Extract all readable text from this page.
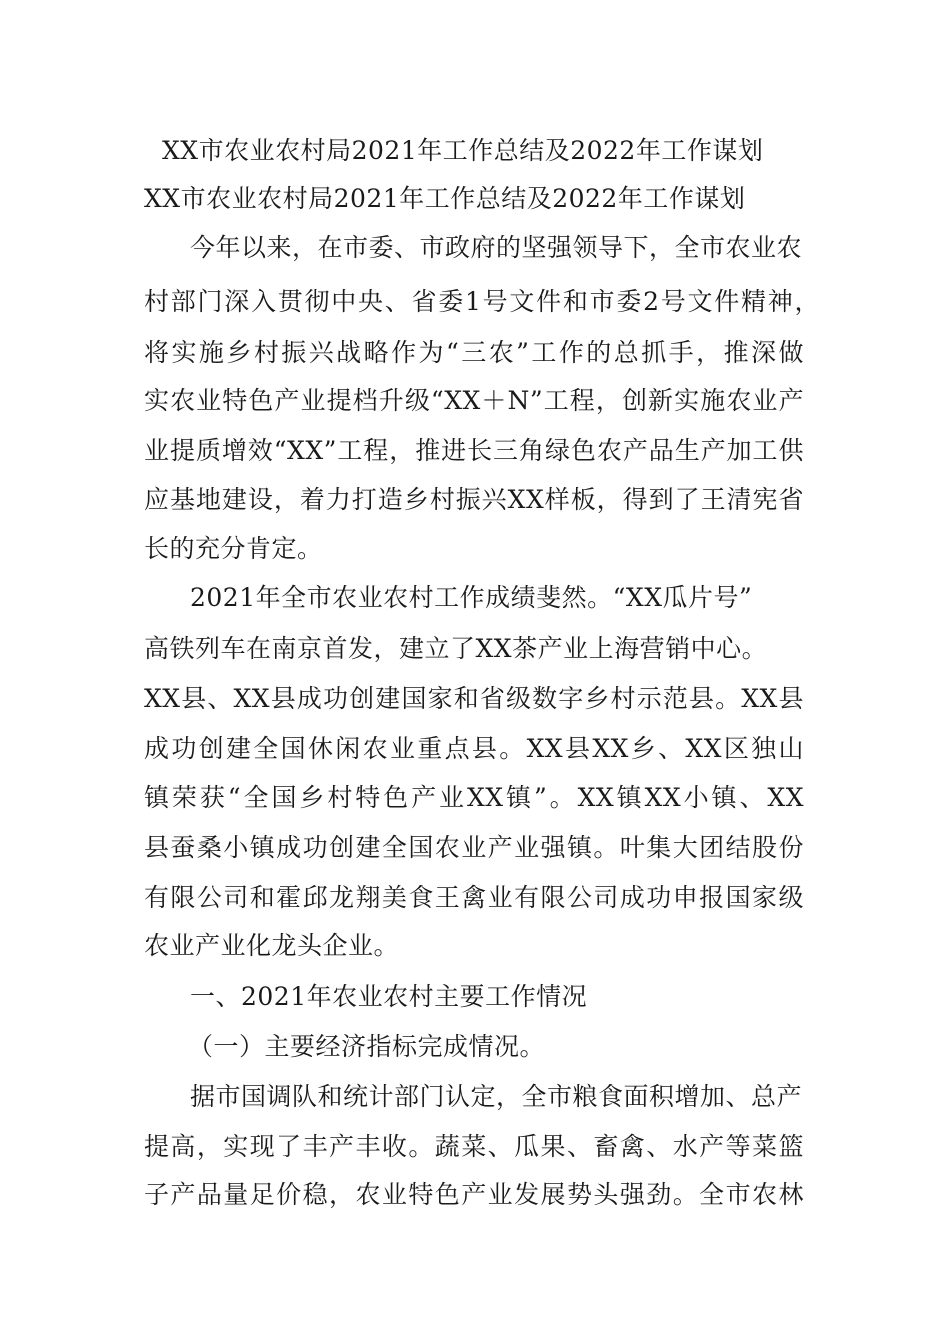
XX市农业农村局2021年工作总结及2022年工作谋划
XX市农业农村局2021年工作总结及2022年工作谋划
今年以来，在市委、市政府的坚强领导下，全市农业农
村部门深入贯彻中央、省委1号文件和市委2号文件精神，
将实施乡村振兴战略作为“三农”工作的总抓手，推深做
实农业特色产业提档升级“XX＋N”工程，创新实施农业产
业提质增效“XX”工程，推进长三角绿色农产品生产加工供
应基地建设，着力打造乡村振兴XX样板，得到了王清宪省
长的充分肯定。
2021年全市农业农村工作成绩斐然。“XX瓜片号”
高铁列车在南京首发，建立了XX茶产业上海营销中心。
XX县、XX县成功创建国家和省级数字乡村示范县。XX县
成功创建全国休闲农业重点县。XX县XX乡、XX区独山
镇荣获“全国乡村特色产业XX镇”。XX镇XX小镇、XX
县蚕桑小镇成功创建全国农业产业强镇。叶集大团结股份
有限公司和霍邱龙翔美食王禽业有限公司成功申报国家级
农业产业化龙头企业。
一、2021年农业农村主要工作情况
（一）主要经济指标完成情况。
据市国调队和统计部门认定，全市粮食面积增加、总产
提高，实现了丰产丰收。蔬菜、瓜果、畜禽、水产等菜篮
子产品量足价稳，农业特色产业发展势头强劲。全市农林
